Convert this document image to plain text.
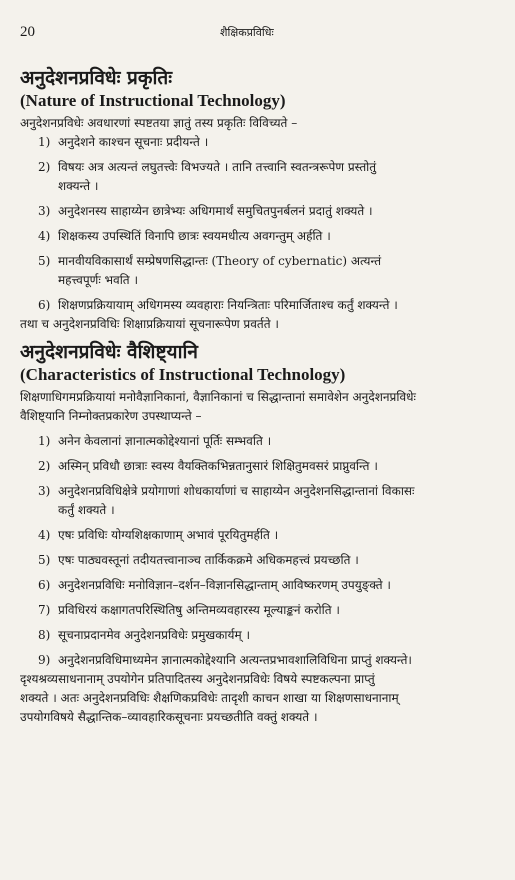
20	शैक्षिकप्रविधिः
अनुदेशनप्रविधेः प्रकृतिः
(Nature of Instructional Technology)

अनुदेशनप्रविधेः अवधारणां स्पष्टतया ज्ञातुं तस्य प्रकृतिः विविच्यते –

1) अनुदेशने काश्चन सूचनाः प्रदीयन्ते ।
2) विषयः अत्र अत्यन्तं लघुतत्त्वेः विभज्यते । तानि तत्त्वानि स्वतन्त्ररूपेण प्रस्तोतुं
शक्यन्ते ।
3) अनुदेशनस्य साहाय्येन छात्रेभ्यः अधिगमार्थं समुचितपुनर्बलनं प्रदातुं शक्यते ।
4) शिक्षकस्य उपस्थितिं विनापि छात्रः स्वयमधीत्य अवगन्तुम् अर्हति ।
5) मानवीयविकासार्थं सम्प्रेषणसिद्धान्तः (Theory of cybernatic) अत्यन्तं
महत्त्वपूर्णः भवति ।
6) शिक्षणप्रक्रियायाम् अधिगमस्य व्यवहाराः नियन्त्रिताः परिमार्जिताश्च कर्तुं शक्यन्ते ।

तथा च अनुदेशनप्रविधिः शिक्षाप्रक्रियायां सूचनारूपेण प्रवर्तते ।

अनुदेशनप्रविधेः वैशिष्ट्यानि
(Characteristics of Instructional Technology)

शिक्षणाधिगमप्रक्रियायां मनोवैज्ञानिकानां, वैज्ञानिकानां च सिद्धान्तानां समावेशेन अनुदेशनप्रविधेः

वैशिष्ट्यानि निम्नोक्तप्रकारेण उपस्थाप्यन्ते –

1) अनेन केवलानां ज्ञानात्मकोद्देश्यानां पूर्तिः सम्भवति ।
2) अस्मिन् प्रविधौ छात्राः स्वस्य वैयक्तिकभिन्नतानुसारं शिक्षितुमवसरं प्राप्नुवन्ति ।
3) अनुदेशनप्रविधिक्षेत्रे प्रयोगाणां शोधकार्याणां च साहाय्येन अनुदेशनसिद्धान्तानां विकासः
कर्तुं शक्यते ।
4) एषः प्रविधिः योग्यशिक्षकाणाम् अभावं पूरयितुमर्हति ।
5) एषः पाठ्यवस्तूनां तदीयतत्त्वानाञ्च तार्किकक्रमे अधिकमहत्त्वं प्रयच्छति ।
6) अनुदेशनप्रविधिः मनोविज्ञान–दर्शन–विज्ञानसिद्धान्ताम् आविष्करणम् उपयुङ्क्ते ।
7) प्रविधिरयं कक्षागतपरिस्थितिषु अन्तिमव्यवहारस्य मूल्याङ्कनं करोति ।
8) सूचनाप्रदानमेव अनुदेशनप्रविधेः प्रमुखकार्यम् ।
9) अनुदेशनप्रविधिमाध्यमेन ज्ञानात्मकोद्देश्यानि अत्यन्तप्रभावशालिविधिना प्राप्तुं शक्यन्ते।

दृश्यश्रव्यसाधनानाम् उपयोगेन प्रतिपादितस्य अनुदेशनप्रविधेः विषये स्पष्टकल्पना प्राप्तुं

शक्यते । अतः अनुदेशनप्रविधिः शैक्षणिकप्रविधेः तादृशी काचन शाखा या शिक्षणसाधनानाम्

उपयोगविषये सैद्धान्तिक–व्यावहारिकसूचनाः प्रयच्छतीति वक्तुं शक्यते ।
